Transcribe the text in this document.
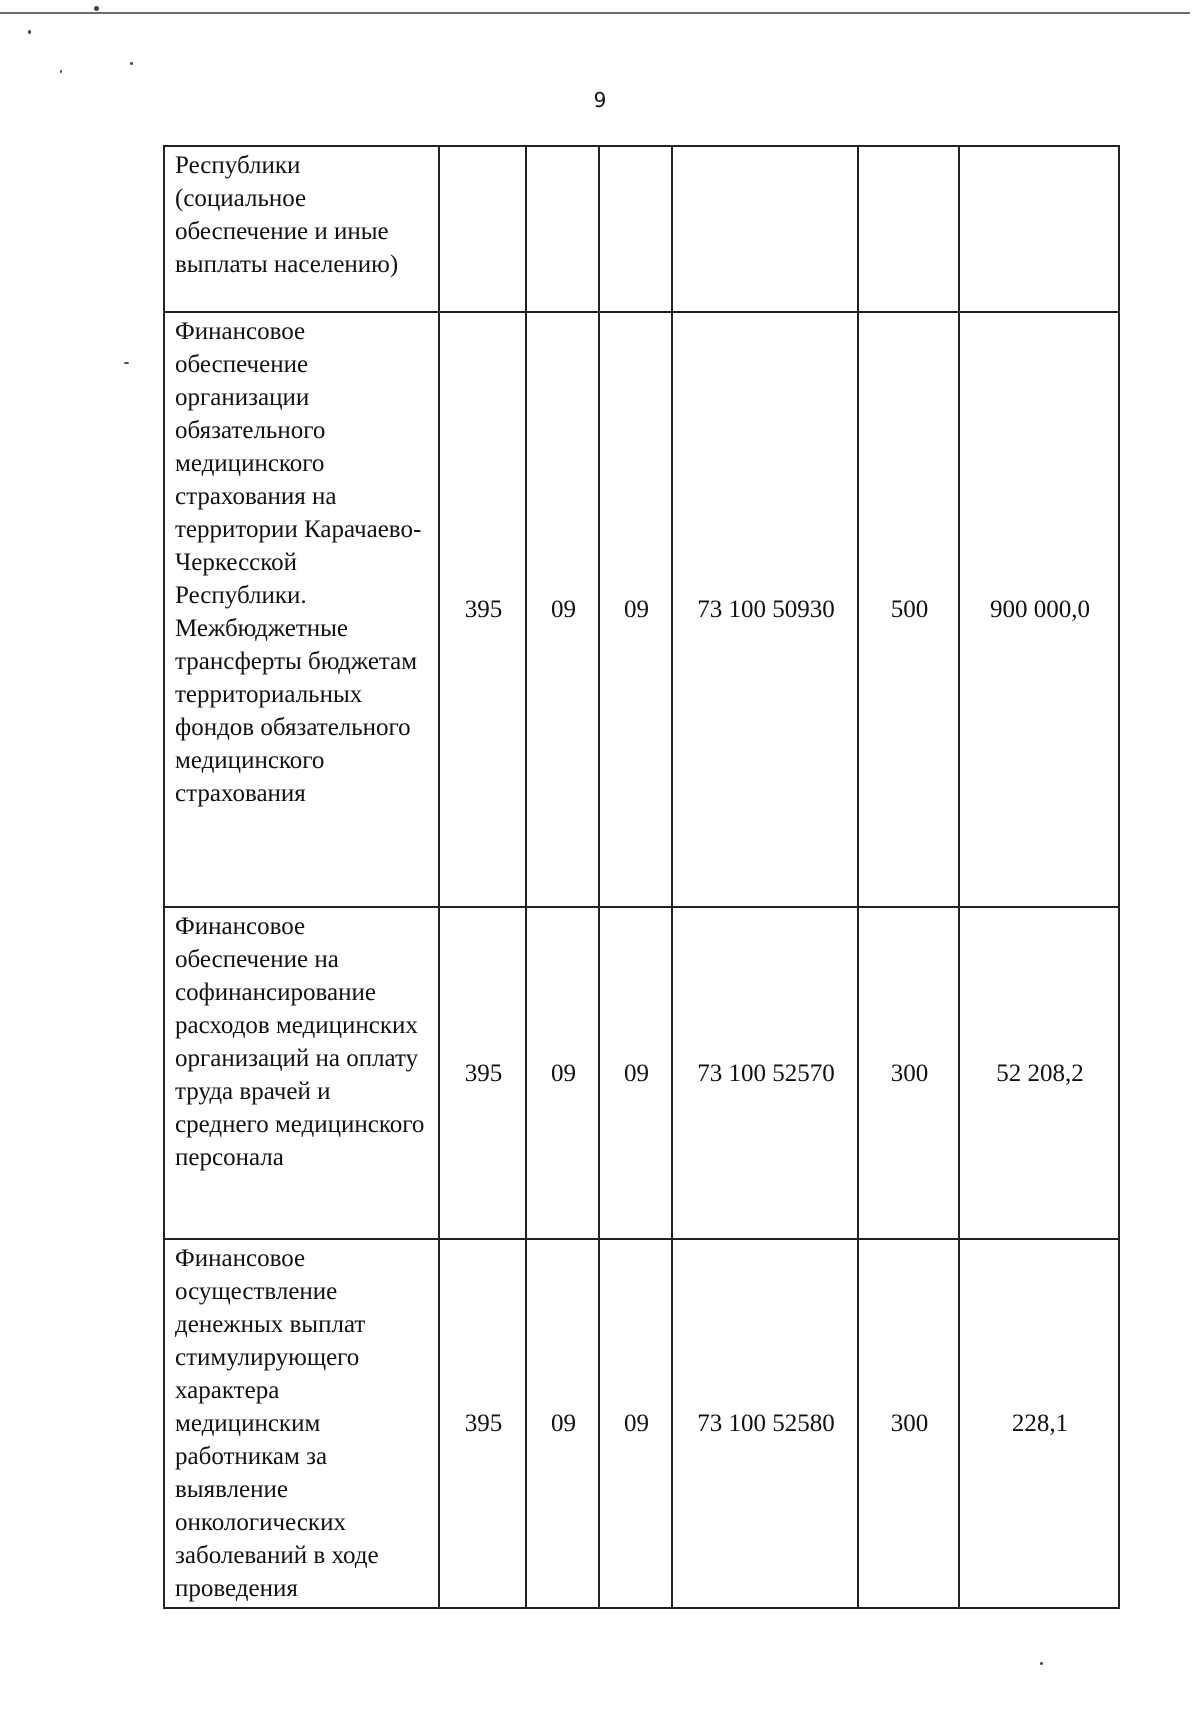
9
Республики (социальное обеспечение и иные выплаты населению)						
Финансовое обеспечение организации обязательного медицинского страхования на территории Карачаево-Черкесской Республики. Межбюджетные трансферты бюджетам территориальных фондов обязательного медицинского страхования	395	09	09	73 100 50930	500	900 000,0
Финансовое обеспечение на софинансирование расходов медицинских организаций на оплату труда врачей и среднего медицинского персонала	395	09	09	73 100 52570	300	52 208,2
Финансовое осуществление денежных выплат стимулирующего характера медицинским работникам за выявление онкологических заболеваний в ходе проведения	395	09	09	73 100 52580	300	228,1
